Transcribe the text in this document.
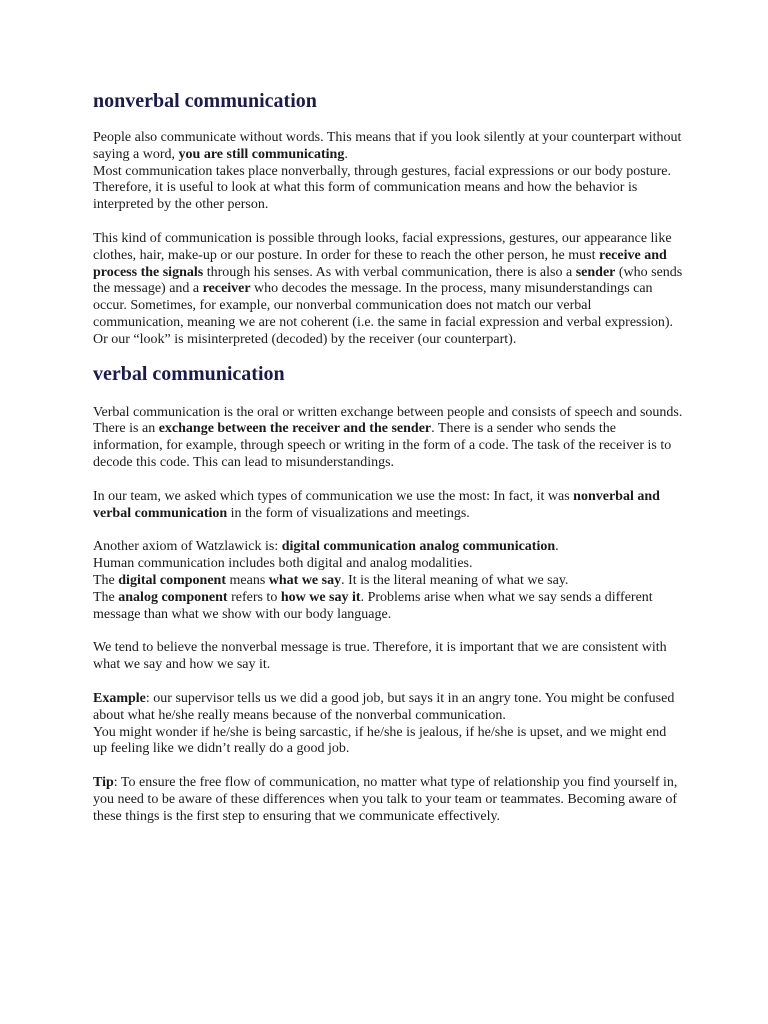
nonverbal communication

People also communicate without words. This means that if you look silently at your counterpart without saying a word, you are still communicating.
Most communication takes place nonverbally, through gestures, facial expressions or our body posture. Therefore, it is useful to look at what this form of communication means and how the behavior is interpreted by the other person.

This kind of communication is possible through looks, facial expressions, gestures, our appearance like clothes, hair, make-up or our posture. In order for these to reach the other person, he must receive and process the signals through his senses. As with verbal communication, there is also a sender (who sends the message) and a receiver who decodes the message. In the process, many misunderstandings can occur. Sometimes, for example, our nonverbal communication does not match our verbal communication, meaning we are not coherent (i.e. the same in facial expression and verbal expression). Or our “look” is misinterpreted (decoded) by the receiver (our counterpart).

verbal communication

Verbal communication is the oral or written exchange between people and consists of speech and sounds. There is an exchange between the receiver and the sender. There is a sender who sends the information, for example, through speech or writing in the form of a code. The task of the receiver is to decode this code. This can lead to misunderstandings.

In our team, we asked which types of communication we use the most: In fact, it was nonverbal and verbal communication in the form of visualizations and meetings.

Another axiom of Watzlawick is: digital communication analog communication.
Human communication includes both digital and analog modalities.
The digital component means what we say. It is the literal meaning of what we say.
The analog component refers to how we say it. Problems arise when what we say sends a different message than what we show with our body language.

We tend to believe the nonverbal message is true. Therefore, it is important that we are consistent with what we say and how we say it.

Example: our supervisor tells us we did a good job, but says it in an angry tone. You might be confused about what he/she really means because of the nonverbal communication.
You might wonder if he/she is being sarcastic, if he/she is jealous, if he/she is upset, and we might end up feeling like we didn’t really do a good job.

Tip: To ensure the free flow of communication, no matter what type of relationship you find yourself in, you need to be aware of these differences when you talk to your team or teammates. Becoming aware of these things is the first step to ensuring that we communicate effectively.
